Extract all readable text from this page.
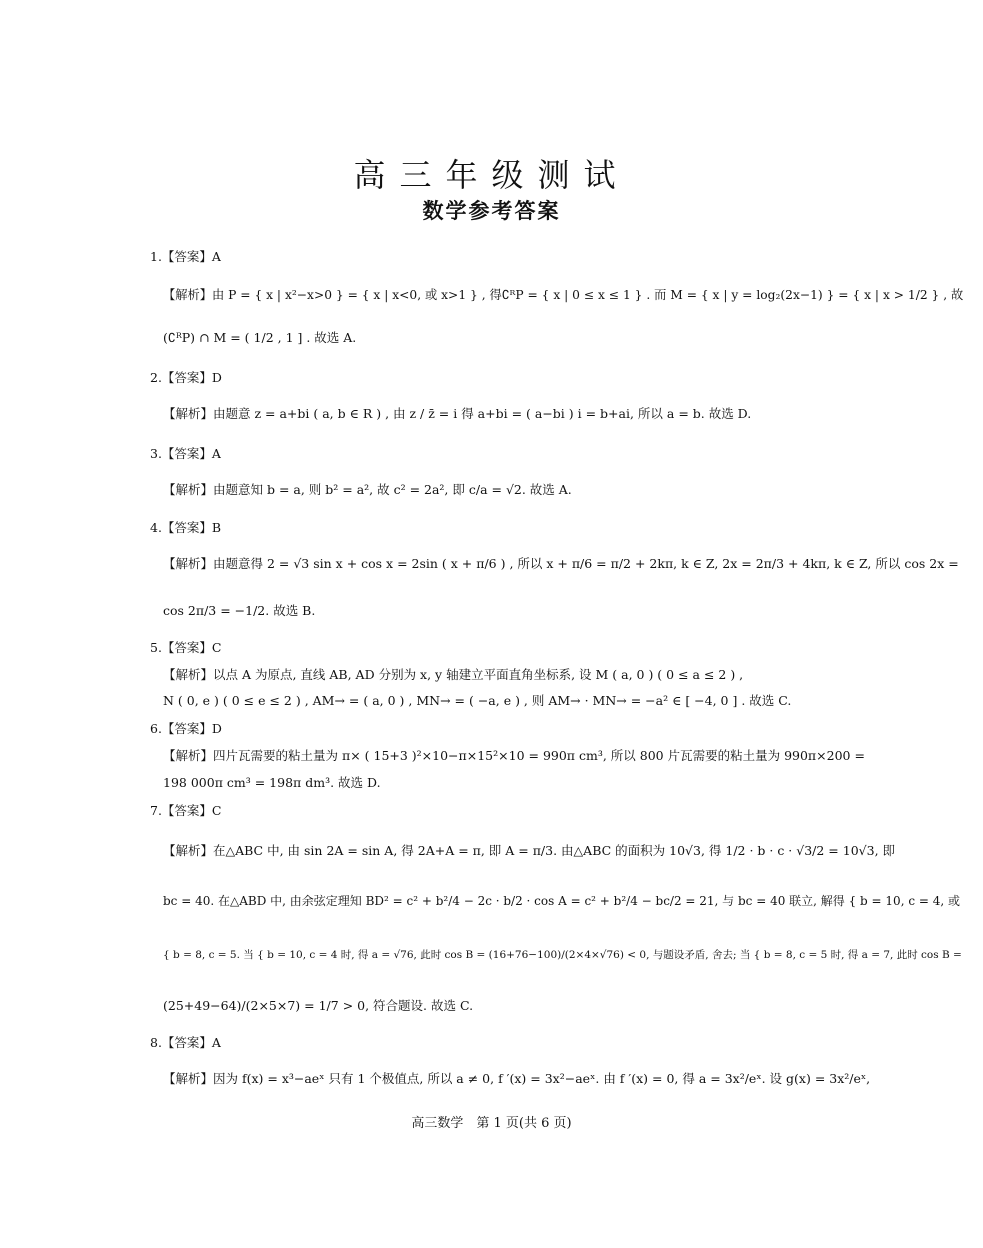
高三年级测试
数学参考答案
1.【答案】A
【解析】由 P = { x | x²−x>0 } = { x | x<0, 或 x>1 } , 得∁ᴿP = { x | 0 ≤ x ≤ 1 } . 而 M = { x | y = log₂(2x−1) } = { x | x > 1/2 } , 故
(∁ᴿP) ∩ M = ( 1/2 , 1 ] . 故选 A.
2.【答案】D
【解析】由题意 z = a+bi ( a, b ∈ R ) , 由 z / z̄ = i 得 a+bi = ( a−bi ) i = b+ai, 所以 a = b. 故选 D.
3.【答案】A
【解析】由题意知 b = a, 则 b² = a², 故 c² = 2a², 即 c/a = √2. 故选 A.
4.【答案】B
【解析】由题意得 2 = √3 sin x + cos x = 2sin ( x + π/6 ) , 所以 x + π/6 = π/2 + 2kπ, k ∈ Z, 2x = 2π/3 + 4kπ, k ∈ Z, 所以 cos 2x =
cos 2π/3 = −1/2. 故选 B.
5.【答案】C
【解析】以点 A 为原点, 直线 AB, AD 分别为 x, y 轴建立平面直角坐标系, 设 M ( a, 0 ) ( 0 ≤ a ≤ 2 ) ,
N ( 0, e ) ( 0 ≤ e ≤ 2 ) , AM→ = ( a, 0 ) , MN→ = ( −a, e ) , 则 AM→ · MN→ = −a² ∈ [ −4, 0 ] . 故选 C.
6.【答案】D
【解析】四片瓦需要的粘土量为 π× ( 15+3 )²×10−π×15²×10 = 990π cm³, 所以 800 片瓦需要的粘土量为 990π×200 =
198 000π cm³ = 198π dm³. 故选 D.
7.【答案】C
【解析】在△ABC 中, 由 sin 2A = sin A, 得 2A+A = π, 即 A = π/3. 由△ABC 的面积为 10√3, 得 1/2 · b · c · √3/2 = 10√3, 即
bc = 40. 在△ABD 中, 由余弦定理知 BD² = c² + b²/4 − 2c · b/2 · cos A = c² + b²/4 − bc/2 = 21, 与 bc = 40 联立, 解得 { b = 10, c = 4, 或
{ b = 8, c = 5. 当 { b = 10, c = 4 时, 得 a = √76, 此时 cos B = (16+76−100)/(2×4×√76) < 0, 与题设矛盾, 舍去; 当 { b = 8, c = 5 时, 得 a = 7, 此时 cos B =
(25+49−64)/(2×5×7) = 1/7 > 0, 符合题设. 故选 C.
8.【答案】A
【解析】因为 f(x) = x³−aeˣ 只有 1 个极值点, 所以 a ≠ 0, f ′(x) = 3x²−aeˣ. 由 f ′(x) = 0, 得 a = 3x²/eˣ. 设 g(x) = 3x²/eˣ,
高三数学　第 1 页(共 6 页)
